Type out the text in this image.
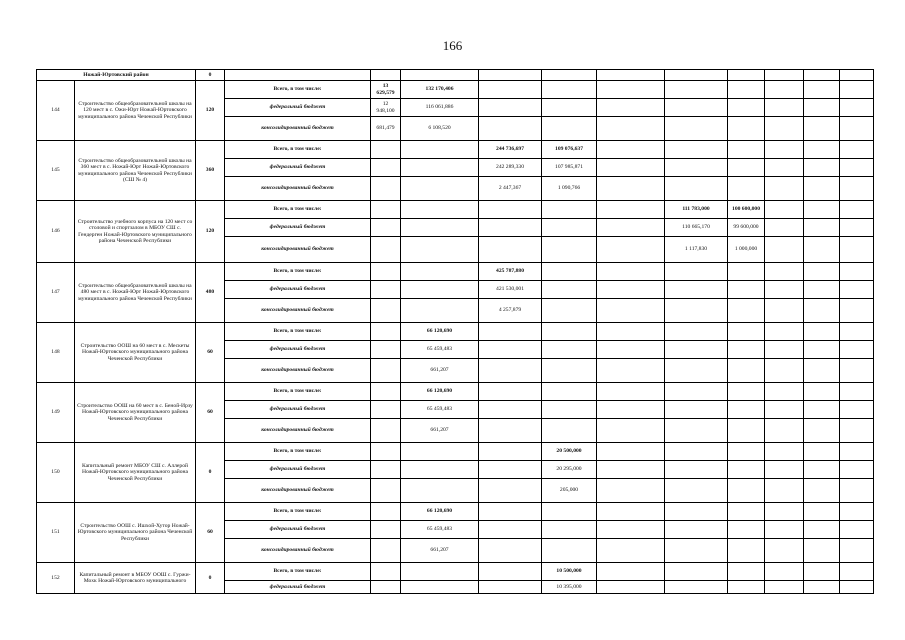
166
Ножай-Юртовский район		0											
144	Строительство общеобразовательной школы на 120 мест в с. Ожи-Юрт Ножай-Юртовского муниципального района Чеченской Республики	120	Всего, в том числе:	13 629,579	132 170,406								
			федеральный бюджет	12 948,100	116 061,886								
			консолидированный бюджет	681,479	6 108,520								
145	Строительство общеобразовательной школы на 360 мест в с. Ножай-Юрт Ножай-Юртовского муниципального района Чеченской Республики (СШ № 4)	360	Всего, в том числе:			244 736,697	109 076,637						
			федеральный бюджет			242 289,330	107 985,871						
			консолидированный бюджет			2 447,367	1 090,766						
146	Строительство учебного корпуса на 120 мест со столовой и спортзалом в МБОУ СШ с. Гендерген Ножай-Юртовского муниципального района Чеченской Республики	120	Всего, в том числе:						111 783,000	100 600,000			
			федеральный бюджет						110 665,170	99 600,000			
			консолидированный бюджет						1 117,830	1 000,000			
147	Строительство общеобразовательной школы на 480 мест в с. Ножай-Юрт Ножай-Юртовского муниципального района Чеченской Республики	480	Всего, в том числе:			425 787,880							
			федеральный бюджет			421 530,001							
			консолидированный бюджет			4 257,879							
148	Строительство ООШ на 60 мест в с. Мескеты Ножай-Юртовского муниципального района Чеченской Республики	60	Всего, в том числе:		66 120,690								
			федеральный бюджет		65 459,483								
			консолидированный бюджет		661,207								
149	Строительство ООШ на 60 мест в с. Беной-Ирзу Ножай-Юртовского муниципального района Чеченской Республики	60	Всего, в том числе:		66 120,690								
			федеральный бюджет		65 459,483								
			консолидированный бюджет		661,207								
150	Капитальный ремонт МБОУ СШ с. Аллерой Ножай-Юртовского муниципального района Чеченской Республики	0	Всего, в том числе:				20 500,000						
			федеральный бюджет				20 295,000						
			консолидированный бюджет				205,000						
151	Строительство ООШ с. Ишхой-Хутор Ножай-Юртовского муниципального района Чеченской Республики	60	Всего, в том числе:		66 120,690								
			федеральный бюджет		65 459,483								
			консолидированный бюджет		661,207								
152	Капитальный ремонт в МБОУ ООШ с. Гуржи-Мохк Ножай-Юртовского муниципального	0	Всего, в том числе:				10 500,000						
			федеральный бюджет				10 395,000						
